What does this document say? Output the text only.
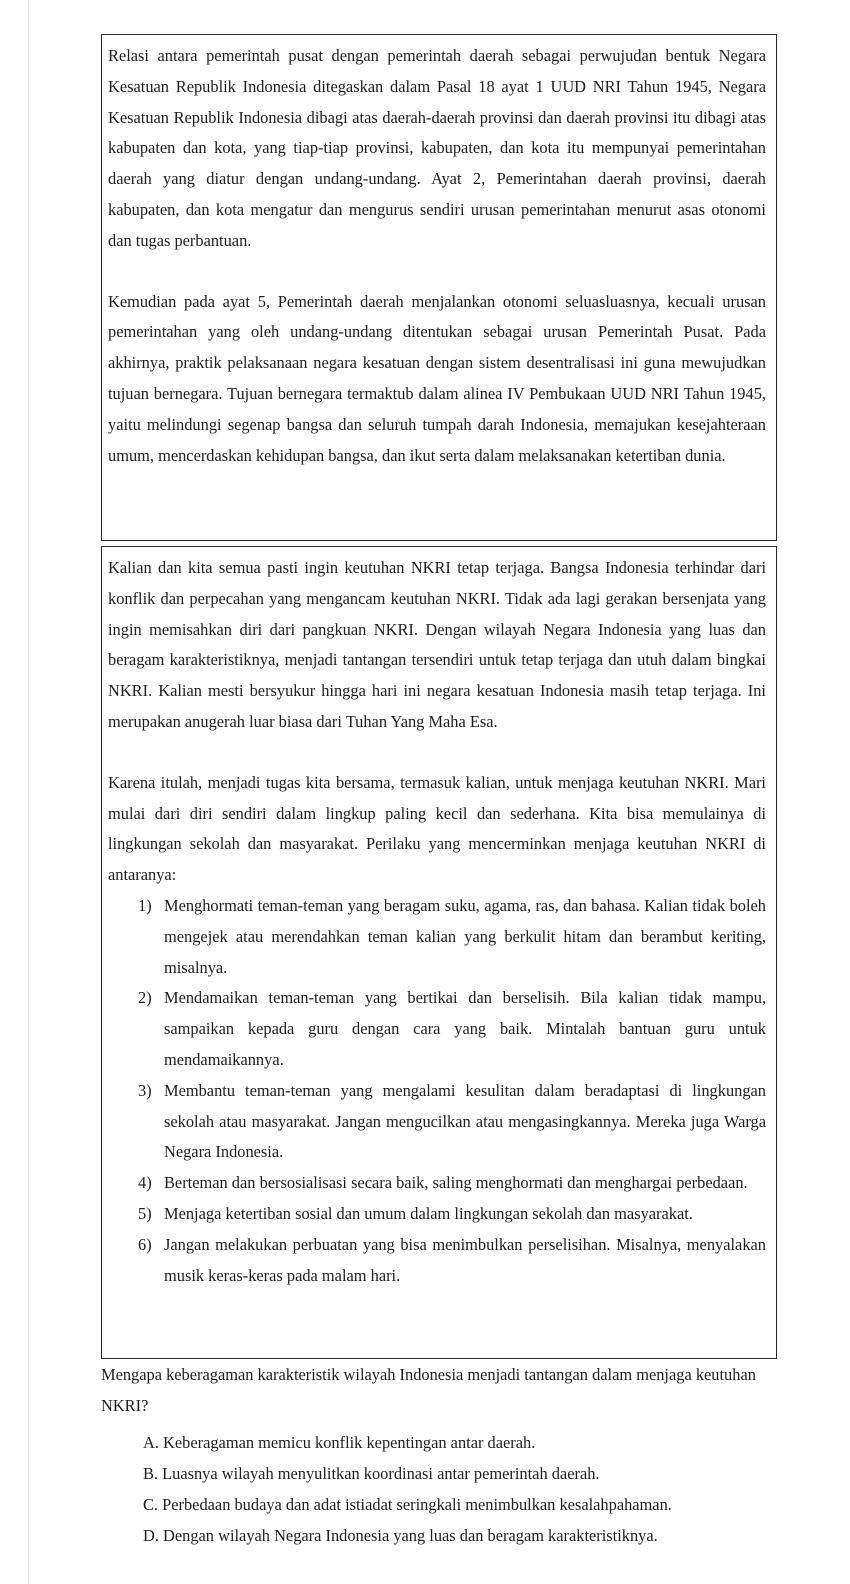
Relasi antara pemerintah pusat dengan pemerintah daerah sebagai perwujudan bentuk Negara Kesatuan Republik Indonesia ditegaskan dalam Pasal 18 ayat 1 UUD NRI Tahun 1945, Negara Kesatuan Republik Indonesia dibagi atas daerah-daerah provinsi dan daerah provinsi itu dibagi atas kabupaten dan kota, yang tiap-tiap provinsi, kabupaten, dan kota itu mempunyai pemerintahan daerah yang diatur dengan undang-undang. Ayat 2, Pemerintahan daerah provinsi, daerah kabupaten, dan kota mengatur dan mengurus sendiri urusan pemerintahan menurut asas otonomi dan tugas perbantuan.

Kemudian pada ayat 5, Pemerintah daerah menjalankan otonomi seluasluasnya, kecuali urusan pemerintahan yang oleh undang-undang ditentukan sebagai urusan Pemerintah Pusat. Pada akhirnya, praktik pelaksanaan negara kesatuan dengan sistem desentralisasi ini guna mewujudkan tujuan bernegara. Tujuan bernegara termaktub dalam alinea IV Pembukaan UUD NRI Tahun 1945, yaitu melindungi segenap bangsa dan seluruh tumpah darah Indonesia, memajukan kesejahteraan umum, mencerdaskan kehidupan bangsa, dan ikut serta dalam melaksanakan ketertiban dunia.

Kalian dan kita semua pasti ingin keutuhan NKRI tetap terjaga. Bangsa Indonesia terhindar dari konflik dan perpecahan yang mengancam keutuhan NKRI. Tidak ada lagi gerakan bersenjata yang ingin memisahkan diri dari pangkuan NKRI. Dengan wilayah Negara Indonesia yang luas dan beragam karakteristiknya, menjadi tantangan tersendiri untuk tetap terjaga dan utuh dalam bingkai NKRI. Kalian mesti bersyukur hingga hari ini negara kesatuan Indonesia masih tetap terjaga. Ini merupakan anugerah luar biasa dari Tuhan Yang Maha Esa.

Karena itulah, menjadi tugas kita bersama, termasuk kalian, untuk menjaga keutuhan NKRI. Mari mulai dari diri sendiri dalam lingkup paling kecil dan sederhana. Kita bisa memulainya di lingkungan sekolah dan masyarakat. Perilaku yang mencerminkan menjaga keutuhan NKRI di antaranya:

1) Menghormati teman-teman yang beragam suku, agama, ras, dan bahasa. Kalian tidak boleh mengejek atau merendahkan teman kalian yang berkulit hitam dan berambut keriting, misalnya.
2) Mendamaikan teman-teman yang bertikai dan berselisih. Bila kalian tidak mampu, sampaikan kepada guru dengan cara yang baik. Mintalah bantuan guru untuk mendamaikannya.
3) Membantu teman-teman yang mengalami kesulitan dalam beradaptasi di lingkungan sekolah atau masyarakat. Jangan mengucilkan atau mengasingkannya. Mereka juga Warga Negara Indonesia.
4) Berteman dan bersosialisasi secara baik, saling menghormati dan menghargai perbedaan.
5) Menjaga ketertiban sosial dan umum dalam lingkungan sekolah dan masyarakat.
6) Jangan melakukan perbuatan yang bisa menimbulkan perselisihan. Misalnya, menyalakan musik keras-keras pada malam hari.

Mengapa keberagaman karakteristik wilayah Indonesia menjadi tantangan dalam menjaga keutuhan NKRI?

A. Keberagaman memicu konflik kepentingan antar daerah.
B. Luasnya wilayah menyulitkan koordinasi antar pemerintah daerah.
C. Perbedaan budaya dan adat istiadat seringkali menimbulkan kesalahpahaman.
D. Dengan wilayah Negara Indonesia yang luas dan beragam karakteristiknya.
